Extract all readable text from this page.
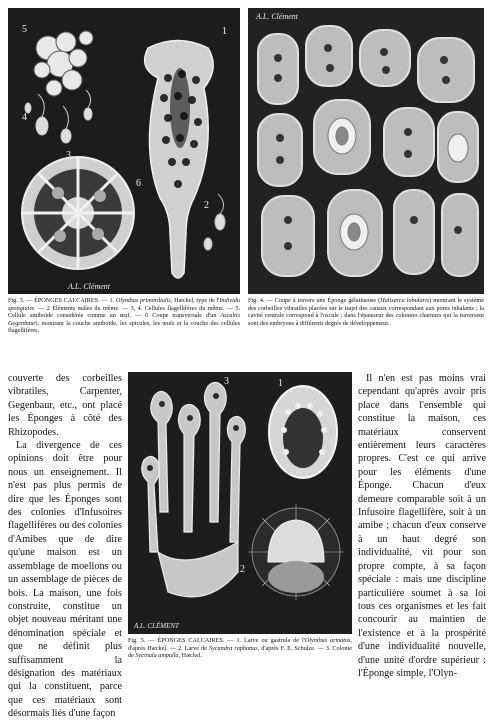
5	1
4
3
2
6
A.L. Clément
Fig. 3. — ÉPONGES CALCAIRES. — 1. Olynthus primordialis, Hæckel, type de l'Individu spongiaire. — 2 Éléments mâles du même. — 3, 4. Cellules flagellifères du même. — 5. Cellule amiboïde considérée comme un œuf. — 6 Coupe transversale d'un Ascaltis Gegenbauri, montrant la couche amiboïde, les spicules, les œufs et la couche des cellules flagellifères.
A.L. Clément
Fig. 4. — Coupe à travers une Éponge gélatineuse (Halisarca lobularis) montrant le système des corbeilles vibratiles placées sur le trajet des canaux correspondant aux pores inhalants ; la cavité centrale correspond à l'oscule ; dans l'épaisseur des colonnes charnues qui la traversent sont des embryons à différents degrés de développement.

couverte des corbeilles vibratiles, Carpenter, Gegenbaur, etc., ont placé les Éponges à côté des Rhizopodes.

La divergence de ces opinions doit être pour nous un enseignement. Il n'est pas plus permis de dire que les Éponges sont des colonies d'Infusoires flagellifères ou des colonies d'Amibes que de dire qu'une maison est un assemblage de moellons ou un assemblage de pièces de bois. La maison, une fois construite, constitue un objet nouveau méritant une dénomination spéciale et que ne définit plus suffisamment la désignation des matériaux qui la constituent, parce que ces matériaux sont désormais liés d'une façon

1
3
2
A.L. CLÉMENT
Fig. 5. — ÉPONGES CALCAIRES. — 1. Larve ou gastrula de l'Olynthus armatus, d'après Hæckel. — 2. Larve de Sycandra raphanus, d'après F. E. Schulze. — 3. Colonie de Sycinula ampulla, Hæckel.

Il n'en est pas moins vrai cependant qu'après avoir pris place dans l'ensemble qui constitue la maison, ces matériaux conservent entièrement leurs caractères propres. C'est ce qui arrive pour les éléments d'une Éponge. Chacun d'eux demeure comparable soit à un Infusoire flagellifère, soit à un amibe ; chacun d'eux conserve à un haut degré son individualité, vit pour son propre compte, à sa façon spéciale : mais une discipline particulière soumet à sa loi tous ces organismes et les fait concourir au maintien de l'existence et à la prospérité d'une individualité nouvelle, d'une unité d'ordre supérieur : l'Éponge simple, l'Olyn-
